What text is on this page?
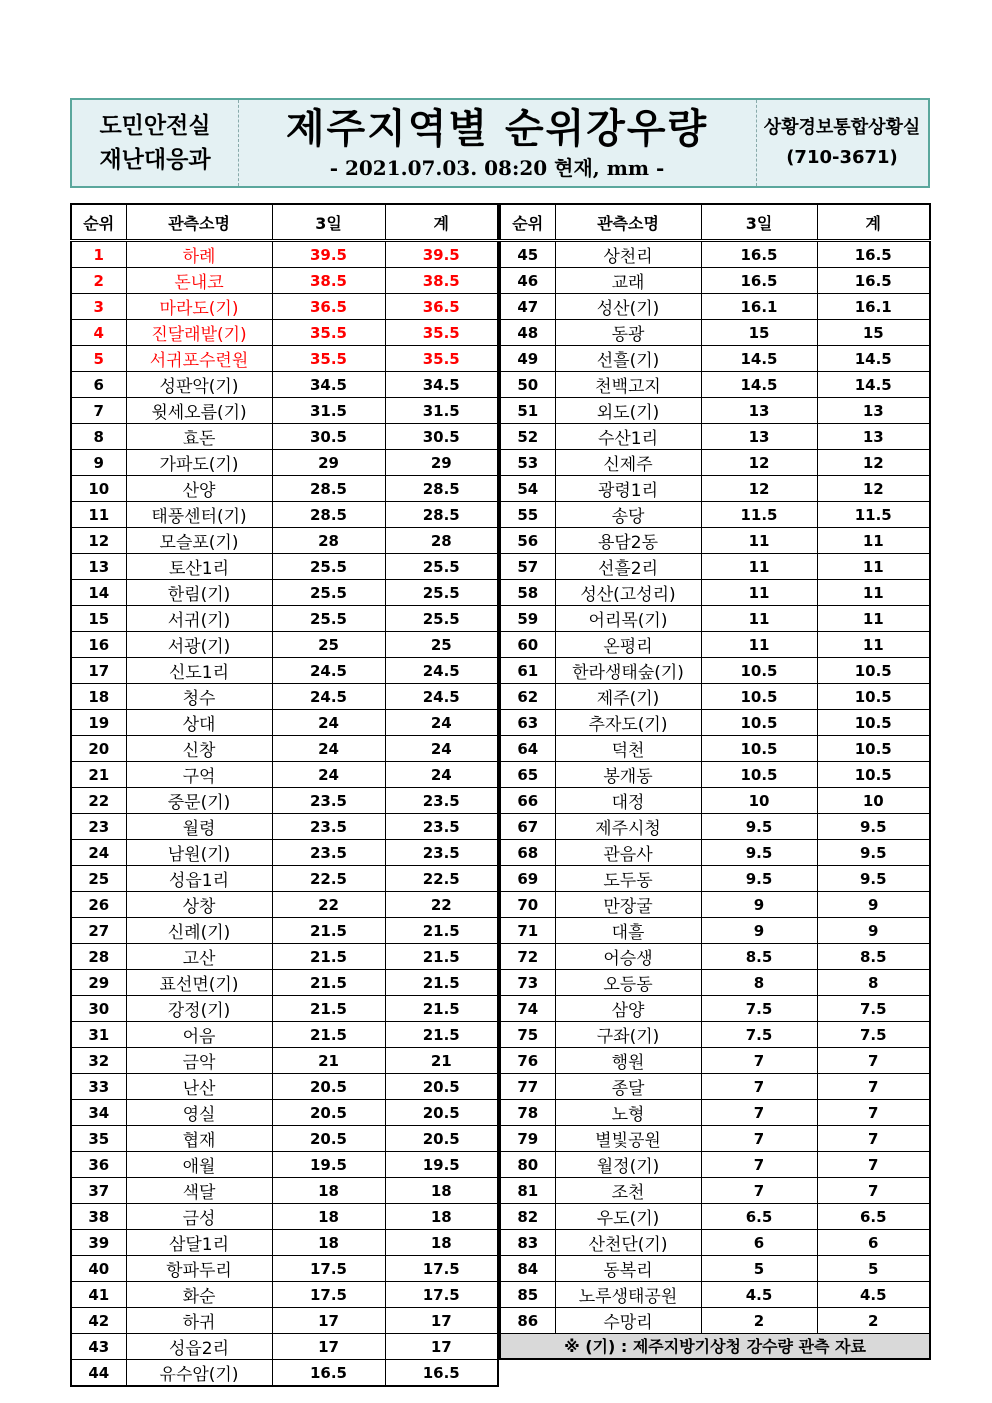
도민안전실
재난대응과
제주지역별 순위강우량
- 2021.07.03. 08:20 현재, mm -
상황경보통합상황실
(710-3671)
순위	관측소명	3일	계
1	하례	39.5	39.5
2	돈내코	38.5	38.5
3	마라도(기)	36.5	36.5
4	진달래밭(기)	35.5	35.5
5	서귀포수련원	35.5	35.5
6	성판악(기)	34.5	34.5
7	윗세오름(기)	31.5	31.5
8	효돈	30.5	30.5
9	가파도(기)	29	29
10	산양	28.5	28.5
11	태풍센터(기)	28.5	28.5
12	모슬포(기)	28	28
13	토산1리	25.5	25.5
14	한림(기)	25.5	25.5
15	서귀(기)	25.5	25.5
16	서광(기)	25	25
17	신도1리	24.5	24.5
18	청수	24.5	24.5
19	상대	24	24
20	신창	24	24
21	구억	24	24
22	중문(기)	23.5	23.5
23	월령	23.5	23.5
24	남원(기)	23.5	23.5
25	성읍1리	22.5	22.5
26	상창	22	22
27	신례(기)	21.5	21.5
28	고산	21.5	21.5
29	표선면(기)	21.5	21.5
30	강정(기)	21.5	21.5
31	어음	21.5	21.5
32	금악	21	21
33	난산	20.5	20.5
34	영실	20.5	20.5
35	협재	20.5	20.5
36	애월	19.5	19.5
37	색달	18	18
38	금성	18	18
39	삼달1리	18	18
40	항파두리	17.5	17.5
41	화순	17.5	17.5
42	하귀	17	17
43	성읍2리	17	17
44	유수암(기)	16.5	16.5
순위	관측소명	3일	계
45	상천리	16.5	16.5
46	교래	16.5	16.5
47	성산(기)	16.1	16.1
48	동광	15	15
49	선흘(기)	14.5	14.5
50	천백고지	14.5	14.5
51	외도(기)	13	13
52	수산1리	13	13
53	신제주	12	12
54	광령1리	12	12
55	송당	11.5	11.5
56	용담2동	11	11
57	선흘2리	11	11
58	성산(고성리)	11	11
59	어리목(기)	11	11
60	온평리	11	11
61	한라생태숲(기)	10.5	10.5
62	제주(기)	10.5	10.5
63	추자도(기)	10.5	10.5
64	덕천	10.5	10.5
65	봉개동	10.5	10.5
66	대정	10	10
67	제주시청	9.5	9.5
68	관음사	9.5	9.5
69	도두동	9.5	9.5
70	만장굴	9	9
71	대흘	9	9
72	어승생	8.5	8.5
73	오등동	8	8
74	삼양	7.5	7.5
75	구좌(기)	7.5	7.5
76	행원	7	7
77	종달	7	7
78	노형	7	7
79	별빛공원	7	7
80	월정(기)	7	7
81	조천	7	7
82	우도(기)	6.5	6.5
83	산천단(기)	6	6
84	동복리	5	5
85	노루생태공원	4.5	4.5
86	수망리	2	2
※ (기) : 제주지방기상청 강수량 관측 자료			
